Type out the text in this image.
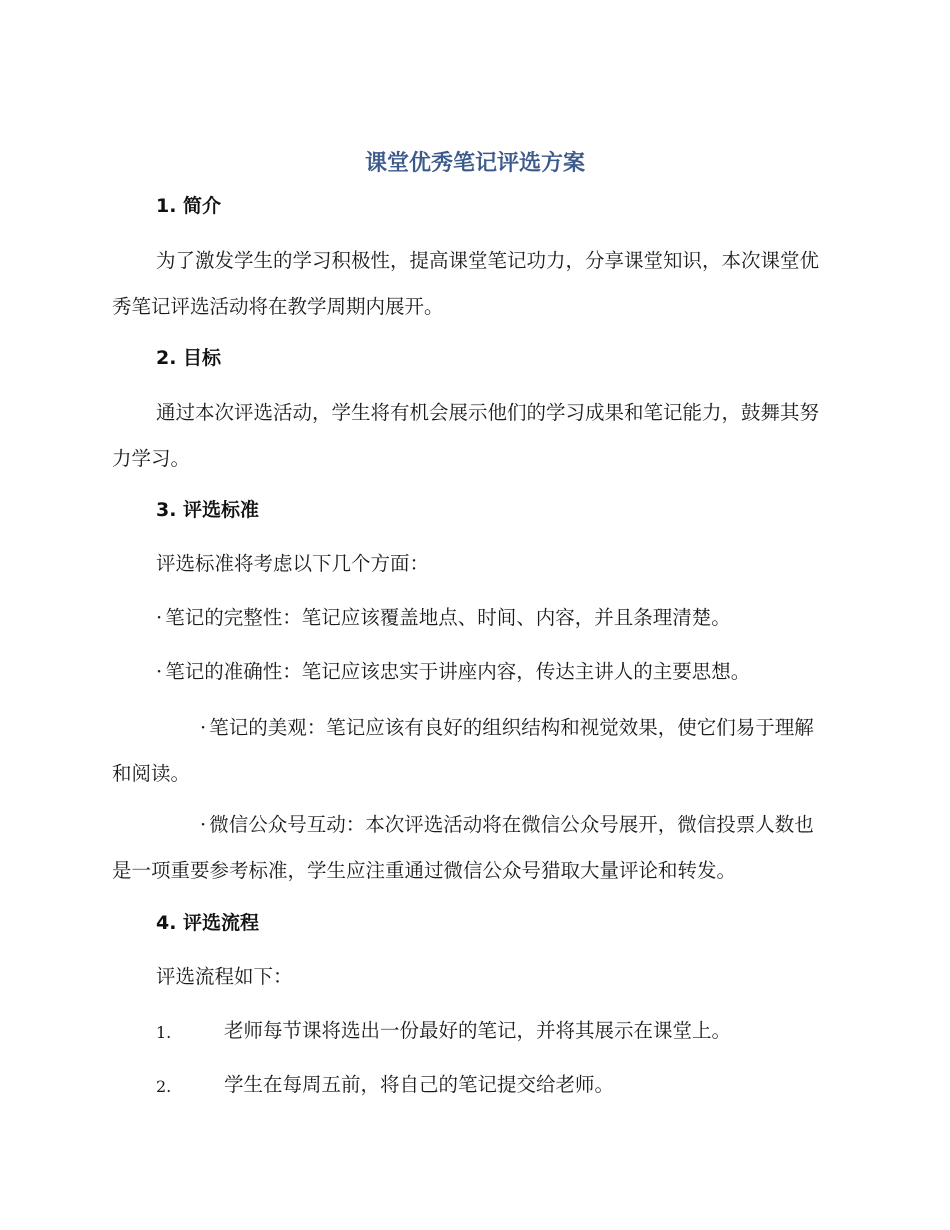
课堂优秀笔记评选方案
1. 简介

为了激发学生的学习积极性，提高课堂笔记功力，分享课堂知识，本次课堂优秀笔记评选活动将在教学周期内展开。

2. 目标

通过本次评选活动，学生将有机会展示他们的学习成果和笔记能力，鼓舞其努力学习。

3. 评选标准
评选标准将考虑以下几个方面：
· 笔记的完整性：笔记应该覆盖地点、时间、内容，并且条理清楚。
· 笔记的准确性：笔记应该忠实于讲座内容，传达主讲人的主要思想。

· 笔记的美观：笔记应该有良好的组织结构和视觉效果，使它们易于理解和阅读。

· 微信公众号互动：本次评选活动将在微信公众号展开，微信投票人数也是一项重要参考标准，学生应注重通过微信公众号猎取大量评论和转发。

4. 评选流程
评选流程如下：
1.	老师每节课将选出一份最好的笔记，并将其展示在课堂上。
2.	学生在每周五前，将自己的笔记提交给老师。
